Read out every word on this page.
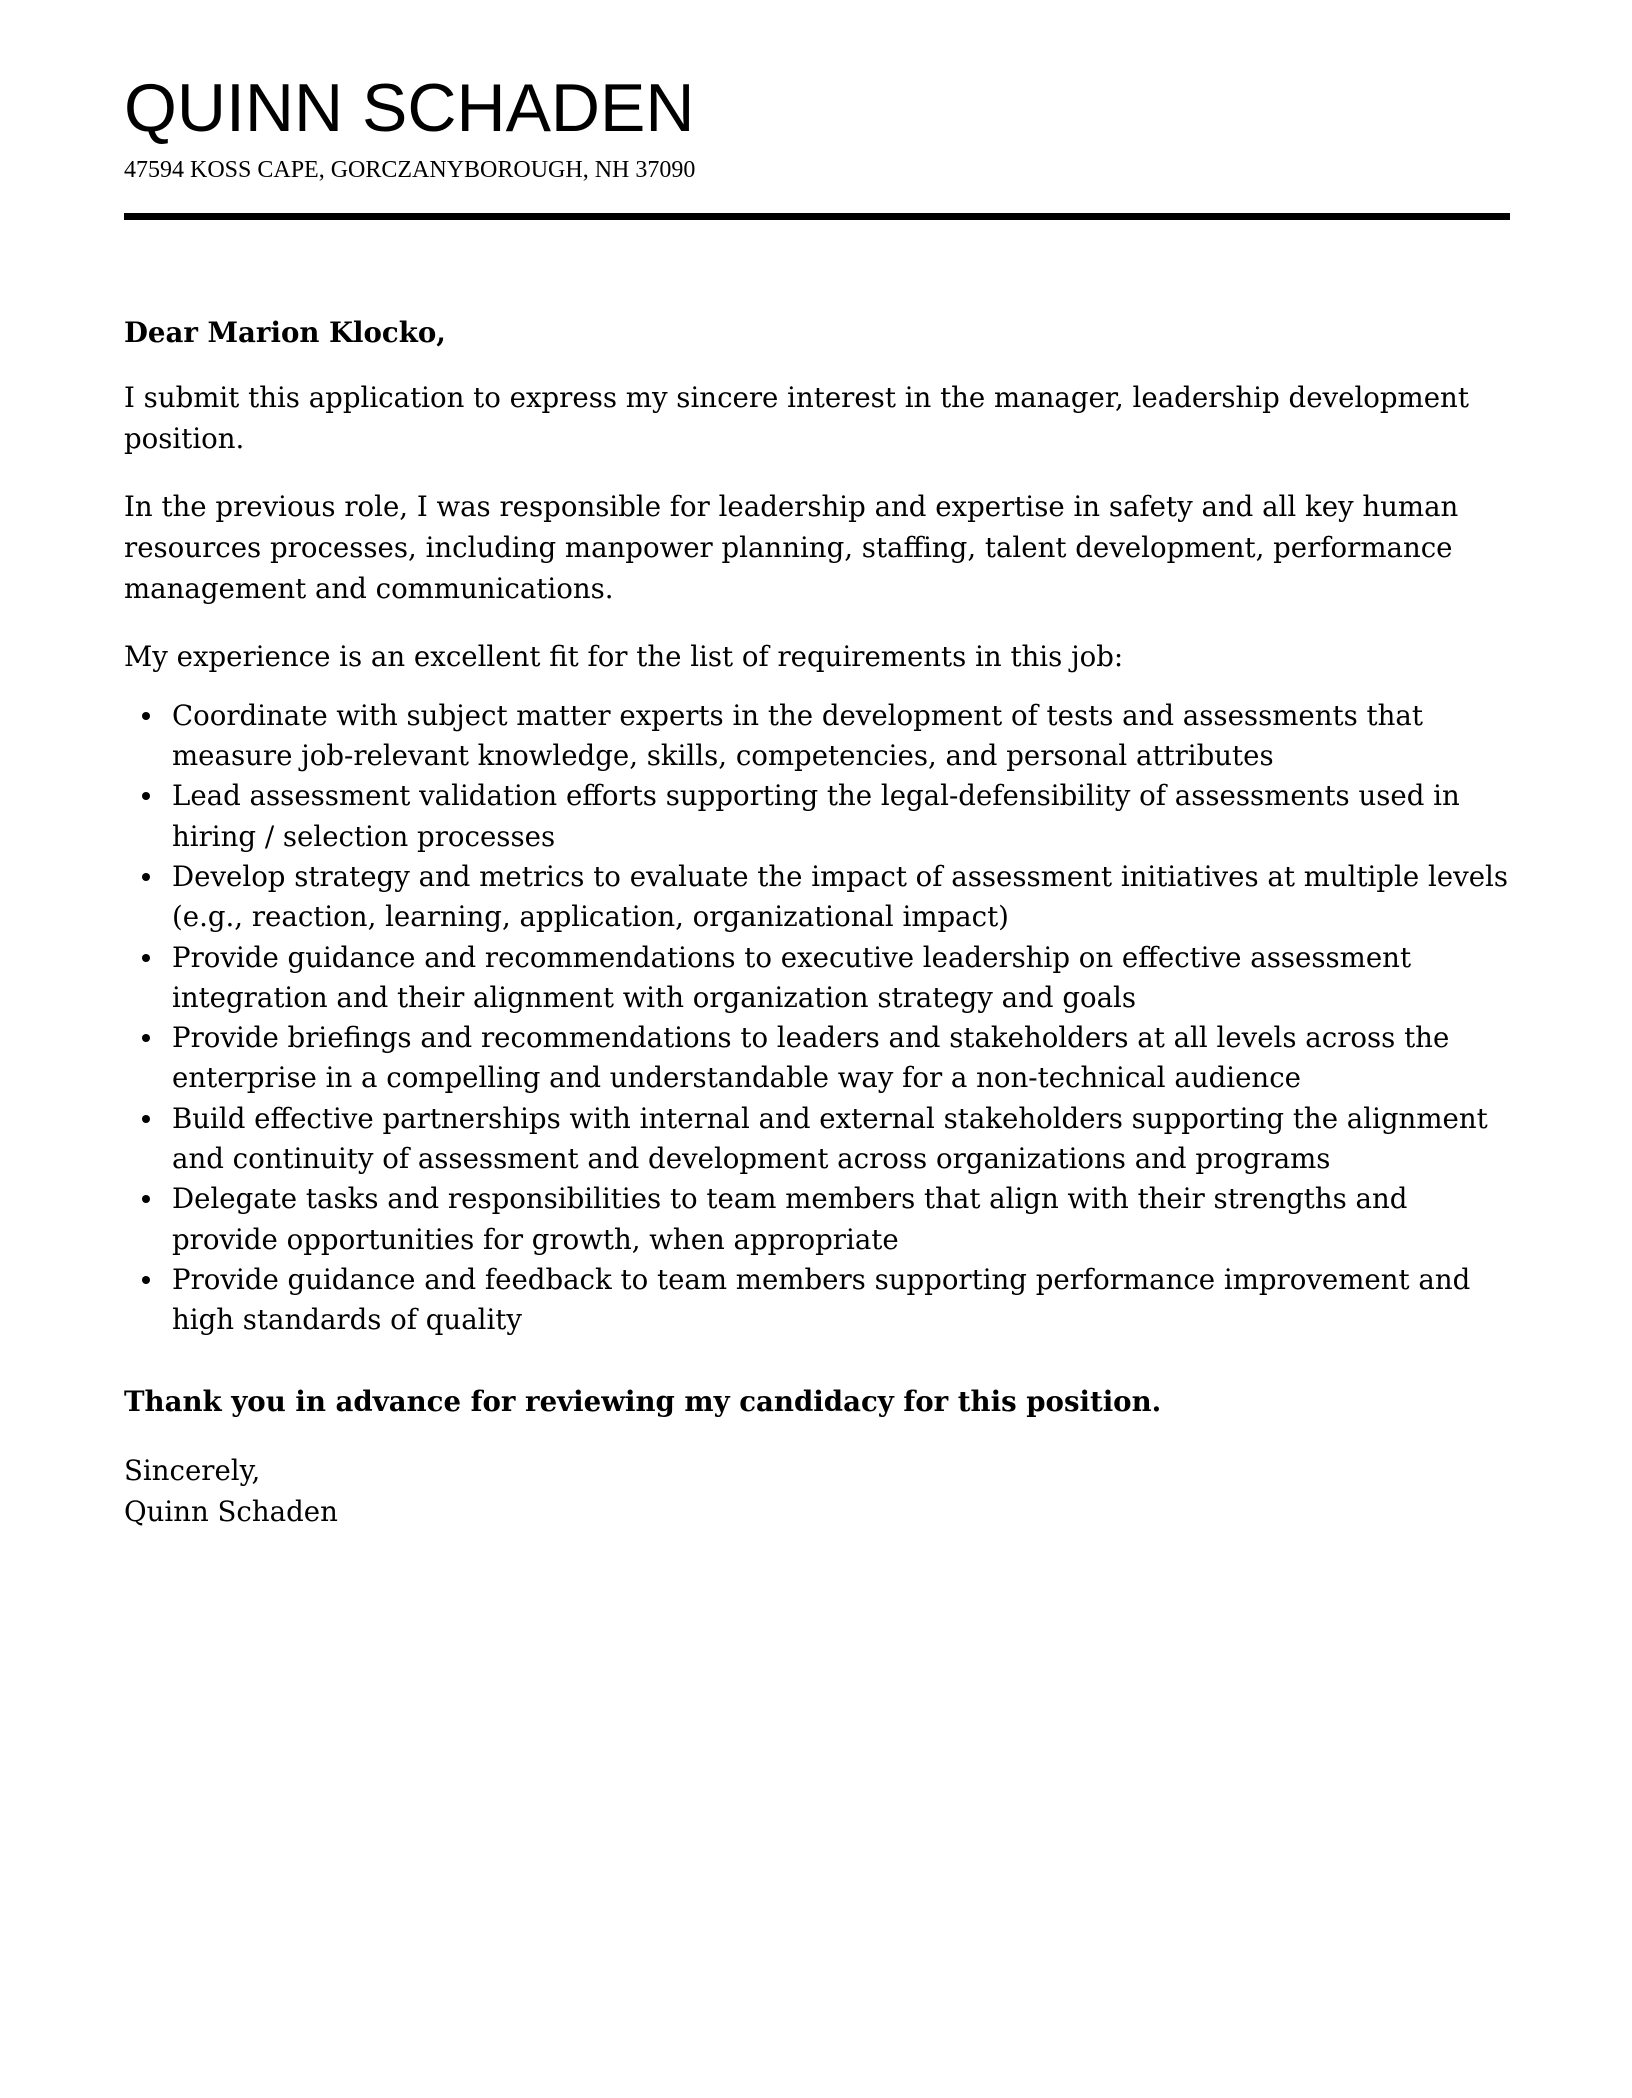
QUINN SCHADEN
47594 KOSS CAPE, GORCZANYBOROUGH, NH 37090
Dear Marion Klocko,
I submit this application to express my sincere interest in the manager, leadership development position.
In the previous role, I was responsible for leadership and expertise in safety and all key human resources processes, including manpower planning, staffing, talent development, performance management and communications.
My experience is an excellent fit for the list of requirements in this job:
Coordinate with subject matter experts in the development of tests and assessments that measure job-relevant knowledge, skills, competencies, and personal attributes
Lead assessment validation efforts supporting the legal-defensibility of assessments used in hiring / selection processes
Develop strategy and metrics to evaluate the impact of assessment initiatives at multiple levels (e.g., reaction, learning, application, organizational impact)
Provide guidance and recommendations to executive leadership on effective assessment integration and their alignment with organization strategy and goals
Provide briefings and recommendations to leaders and stakeholders at all levels across the enterprise in a compelling and understandable way for a non-technical audience
Build effective partnerships with internal and external stakeholders supporting the alignment and continuity of assessment and development across organizations and programs
Delegate tasks and responsibilities to team members that align with their strengths and provide opportunities for growth, when appropriate
Provide guidance and feedback to team members supporting performance improvement and high standards of quality
Thank you in advance for reviewing my candidacy for this position.
Sincerely,
Quinn Schaden
